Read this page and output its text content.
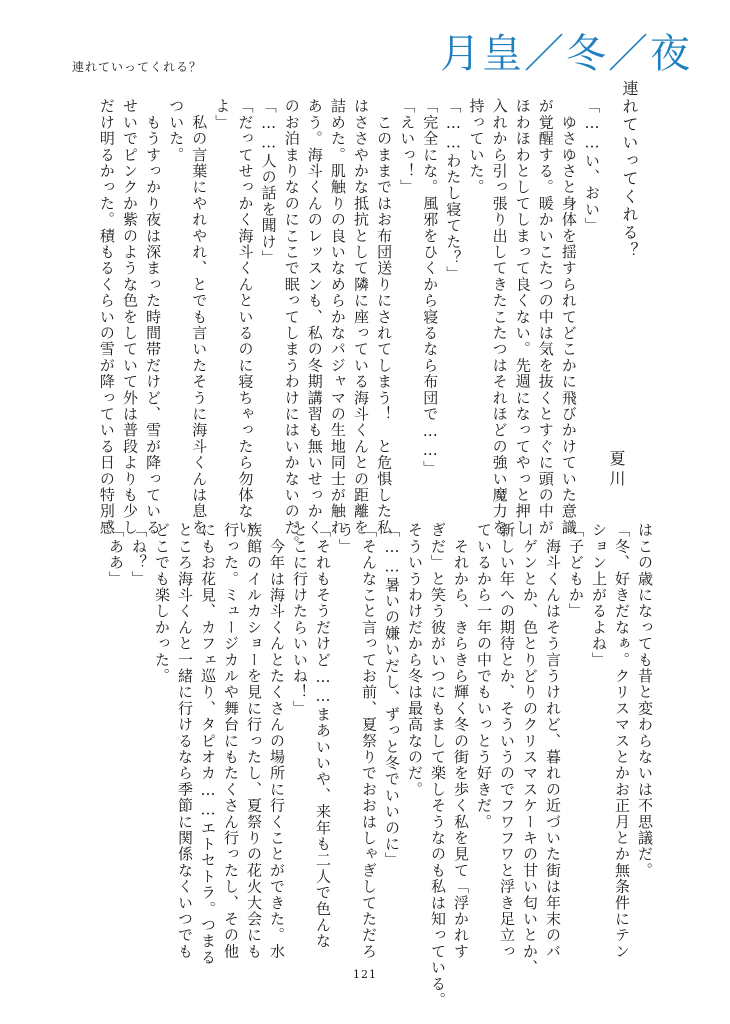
連れていってくれる？	月皇／冬／夜
連れていってくれる？
夏川
「……い、おい」
　ゆさゆさと身体を揺すられてどこかに飛びかけていた意識
が覚醒する。暖かいこたつの中は気を抜くとすぐに頭の中が
ほわほわとしてしまって良くない。先週になってやっと押し
入れから引っ張り出してきたこたつはそれほどの強い魔力を
持っていた。
「……わたし寝てた？」
「完全にな。風邪をひくから寝るなら布団で……」
「えいっ！」
　このままではお布団送りにされてしまう！　と危惧した私
はささやかな抵抗として隣に座っている海斗くんとの距離を
詰めた。肌触りの良いなめらかなパジャマの生地同士が触れ
あう。海斗くんのレッスンも、私の冬期講習も無いせっかく
のお泊まりなのにここで眠ってしまうわけにはいかないのだ。
「……人の話を聞け」
「だってせっかく海斗くんといるのに寝ちゃったら勿体ない
よ」
　私の言葉にやれやれ、とでも言いたそうに海斗くんは息を
ついた。
　もうすっかり夜は深まった時間帯だけど、雪が降っている
せいでピンクか紫のような色をしていて外は普段よりも少し
だけ明るかった。積もるくらいの雪が降っている日の特別感
はこの歳になっても昔と変わらないは不思議だ。
「冬、好きだなぁ。クリスマスとかお正月とか無条件にテン
ション上がるよね」
「子どもか」
　海斗くんはそう言うけれど、暮れの近づいた街は年末のバ
ーゲンとか、色とりどりのクリスマスケーキの甘い匂いとか、
新しい年への期待とか、そういうのでフワフワと浮き足立っ
ているから一年の中でもいっとう好きだ。
　それから、きらきら輝く冬の街を歩く私を見て「浮かれす
ぎだ」と笑う彼がいつにもまして楽しそうなのも私は知っている。
そういうわけだから冬は最高なのだ。
「……暑いの嫌いだし、ずっと冬でいいのに」
「そんなこと言ってお前、夏祭りでおおはしゃぎしてただろ
う」
「それもそうだけど……まあいいや、来年も二人で色んな
とこに行けたらいいね！」
　今年は海斗くんとたくさんの場所に行くことができた。水
族館のイルカショーを見に行ったし、夏祭りの花火大会にも
行った。ミュージカルや舞台にもたくさん行ったし、その他
にもお花見、カフェ巡り、タピオカ……エトセトラ。つまる
ところ海斗くんと一緒に行けるなら季節に関係なくいつでも
どこでも楽しかった。
「ね？」
「ああ」
121
